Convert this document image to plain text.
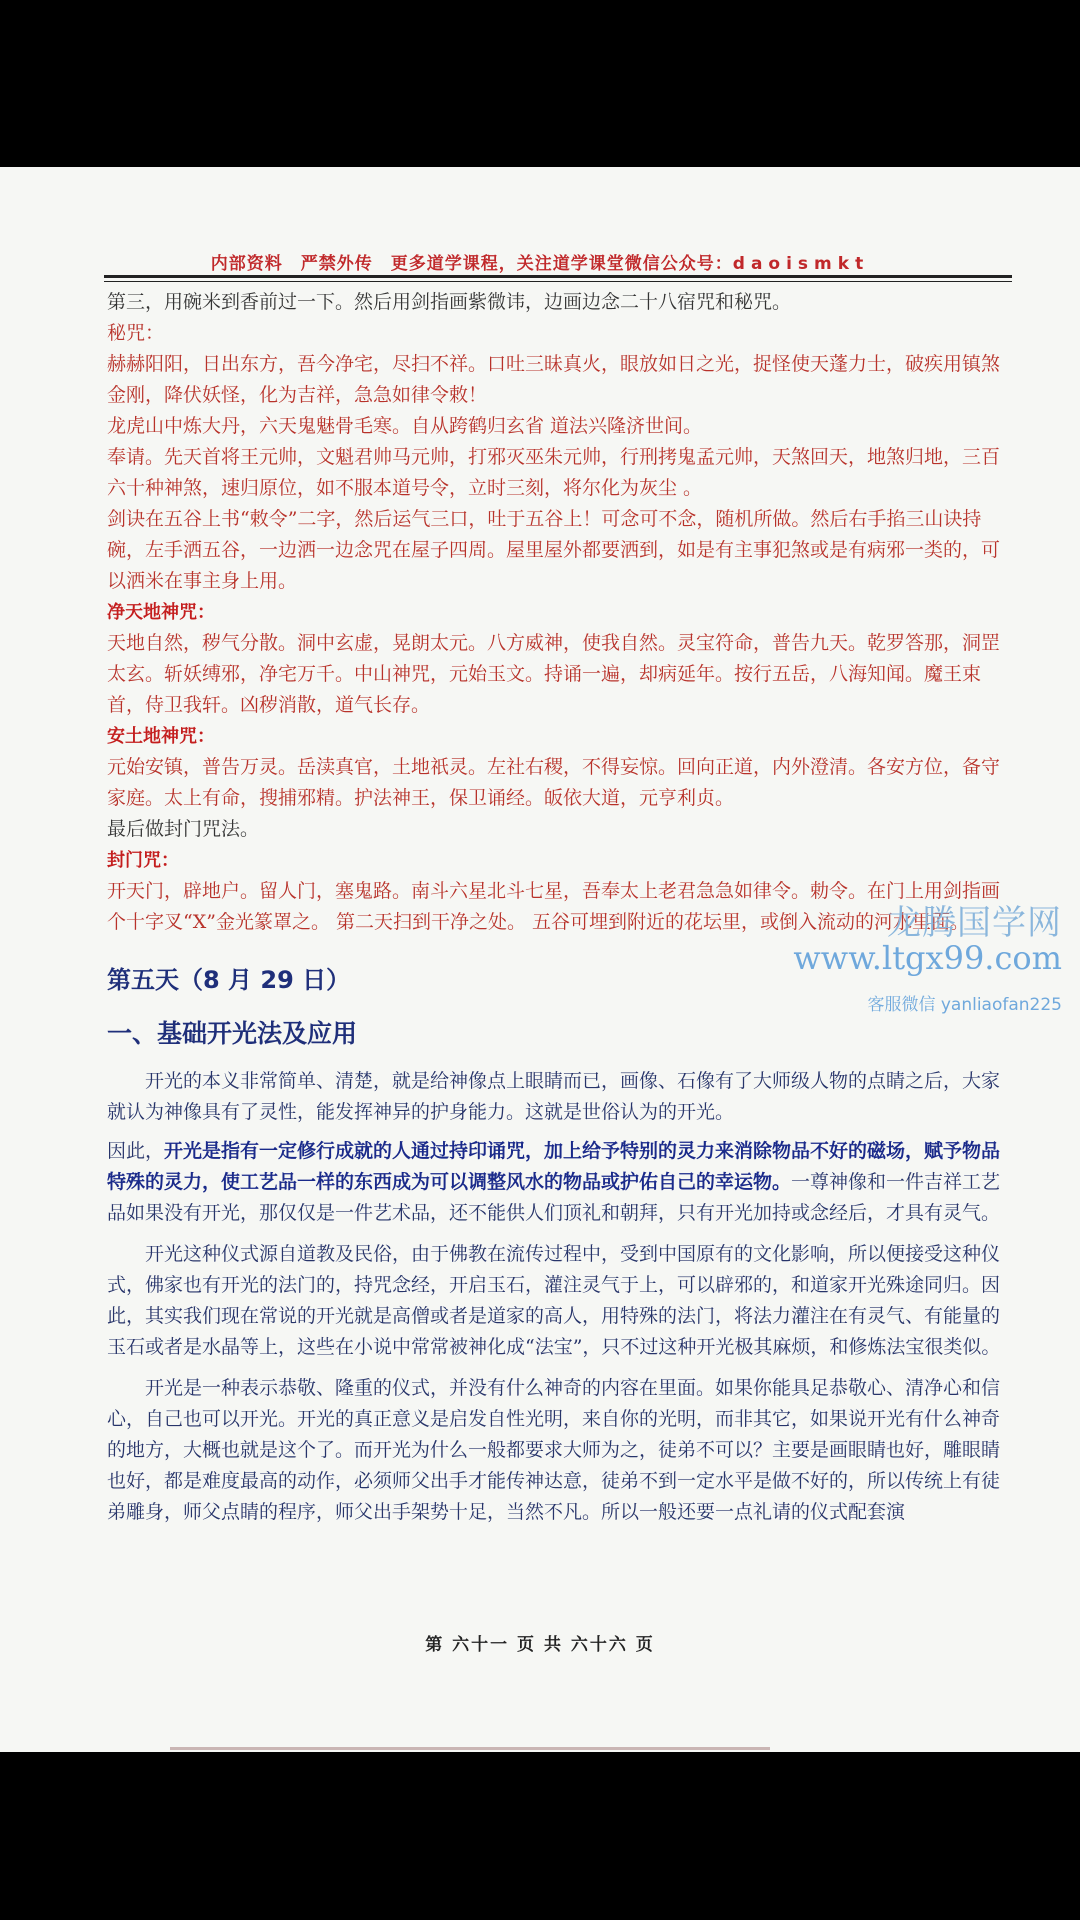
内部资料　严禁外传　更多道学课程，关注道学课堂微信公众号：daoismkt

第三，用碗米到香前过一下。然后用剑指画紫微讳，边画边念二十八宿咒和秘咒。

秘咒：

赫赫阳阳，日出东方，吾今净宅，尽扫不祥。口吐三昧真火，眼放如日之光，捉怪使天蓬力士，破疾用镇煞金刚，降伏妖怪，化为吉祥，急急如律令敕！

龙虎山中炼大丹，六天鬼魅骨毛寒。自从跨鹤归玄省 道法兴隆济世间。

奉请。先天首将王元帅，文魁君帅马元帅，打邪灭巫朱元帅，行刑拷鬼孟元帅，天煞回天，地煞归地，三百六十种神煞，速归原位，如不服本道号令，立时三刻，将尔化为灰尘 。

剑诀在五谷上书“敕令”二字，然后运气三口，吐于五谷上！可念可不念，随机所做。然后右手掐三山诀持碗，左手洒五谷，一边洒一边念咒在屋子四周。屋里屋外都要洒到，如是有主事犯煞或是有病邪一类的，可以洒米在事主身上用。

净天地神咒：

天地自然，秽气分散。洞中玄虚，晃朗太元。八方威神，使我自然。灵宝符命，普告九天。乾罗答那，洞罡太玄。斩妖缚邪，净宅万千。中山神咒，元始玉文。持诵一遍，却病延年。按行五岳，八海知闻。魔王束首，侍卫我轩。凶秽消散，道气长存。

安土地神咒：

元始安镇，普告万灵。岳渎真官，土地祇灵。左社右稷，不得妄惊。回向正道，内外澄清。各安方位，备守家庭。太上有命，搜捕邪精。护法神王，保卫诵经。皈依大道，元亨利贞。

最后做封门咒法。

封门咒：

开天门，辟地户。留人门，塞鬼路。南斗六星北斗七星，吾奉太上老君急急如律令。勅令。在门上用剑指画个十字叉“X”金光篆罩之。 第二天扫到干净之处。 五谷可埋到附近的花坛里，或倒入流动的河水里面。

第五天（8 月 29 日）

一、基础开光法及应用

开光的本义非常简单、清楚，就是给神像点上眼睛而已，画像、石像有了大师级人物的点睛之后，大家就认为神像具有了灵性，能发挥神异的护身能力。这就是世俗认为的开光。

因此，开光是指有一定修行成就的人通过持印诵咒，加上给予特别的灵力来消除物品不好的磁场，赋予物品特殊的灵力，使工艺品一样的东西成为可以调整风水的物品或护佑自己的幸运物。一尊神像和一件吉祥工艺品如果没有开光，那仅仅是一件艺术品，还不能供人们顶礼和朝拜，只有开光加持或念经后，才具有灵气。

开光这种仪式源自道教及民俗，由于佛教在流传过程中，受到中国原有的文化影响，所以便接受这种仪式，佛家也有开光的法门的，持咒念经，开启玉石，灌注灵气于上，可以辟邪的，和道家开光殊途同归。因此，其实我们现在常说的开光就是高僧或者是道家的高人，用特殊的法门，将法力灌注在有灵气、有能量的玉石或者是水晶等上，这些在小说中常常被神化成“法宝”，只不过这种开光极其麻烦，和修炼法宝很类似。

开光是一种表示恭敬、隆重的仪式，并没有什么神奇的内容在里面。如果你能具足恭敬心、清净心和信心，自己也可以开光。开光的真正意义是启发自性光明，来自你的光明，而非其它，如果说开光有什么神奇的地方，大概也就是这个了。而开光为什么一般都要求大师为之，徒弟不可以？主要是画眼睛也好，雕眼睛也好，都是难度最高的动作，必须师父出手才能传神达意，徒弟不到一定水平是做不好的，所以传统上有徒弟雕身，师父点睛的程序，师父出手架势十足，当然不凡。所以一般还要一点礼请的仪式配套演

第 六十一 页 共 六十六 页
龙腾国学网
www.ltgx99.com
客服微信 yanliaofan225
